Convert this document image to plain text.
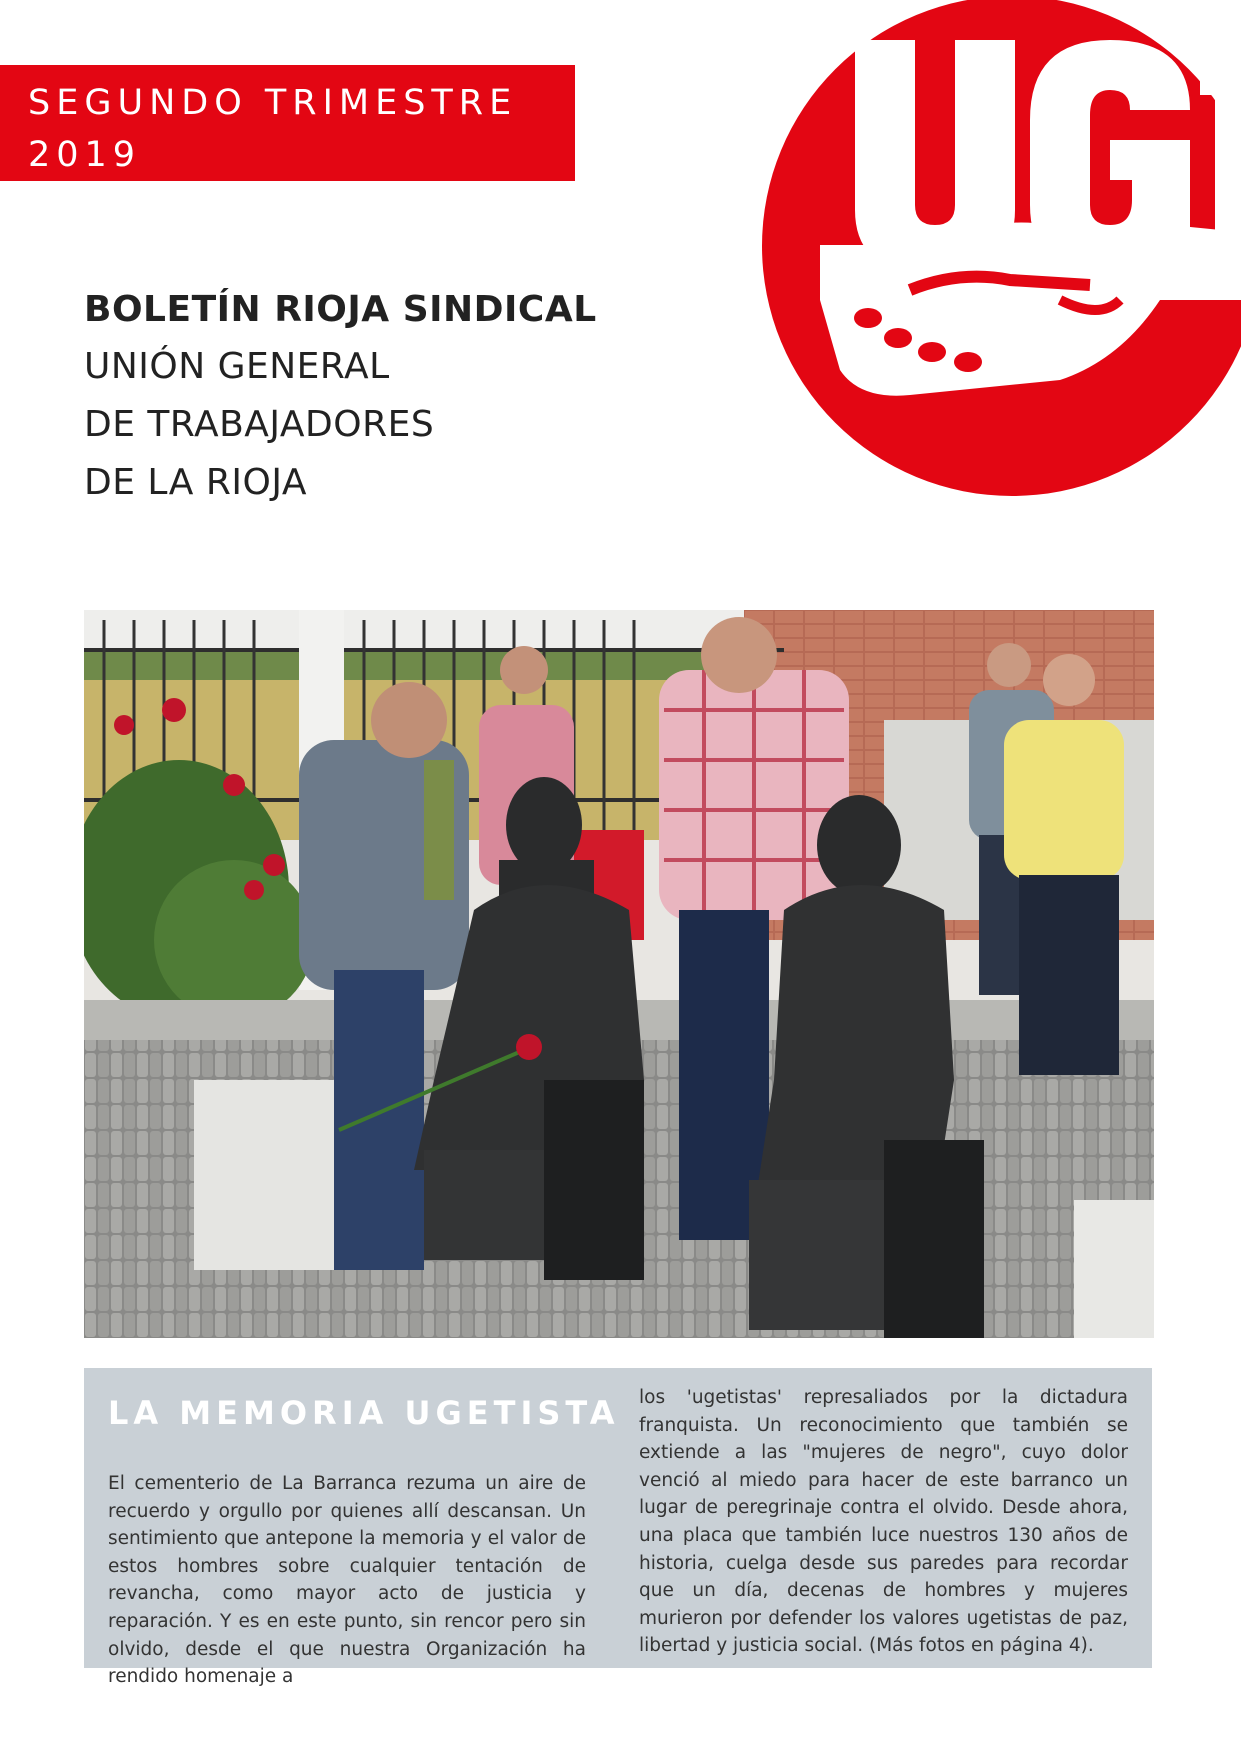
SEGUNDO TRIMESTRE
2019
UGT
BOLETÍN RIOJA SINDICAL
UNIÓN GENERAL
DE TRABAJADORES
DE LA RIOJA
LA MEMORIA UGETISTA

El cementerio de La Barranca rezuma un aire de recuerdo y orgullo por quienes allí descansan. Un sentimiento que antepone la memoria y el valor de estos hombres sobre cualquier tentación de revancha, como mayor acto de justicia y reparación. Y es en este punto, sin rencor pero sin olvido, desde el que nuestra Organización ha rendido homenaje a

los 'ugetistas' represaliados por la dictadura franquista. Un reconocimiento que también se extiende a las "mujeres de negro", cuyo dolor venció al miedo para hacer de este barranco un lugar de peregrinaje contra el olvido. Desde ahora, una placa que también luce nuestros 130 años de historia, cuelga desde sus paredes para recordar que un día, decenas de hombres y mujeres murieron por defender los valores ugetistas de paz, libertad y justicia social. (Más fotos en página 4).
